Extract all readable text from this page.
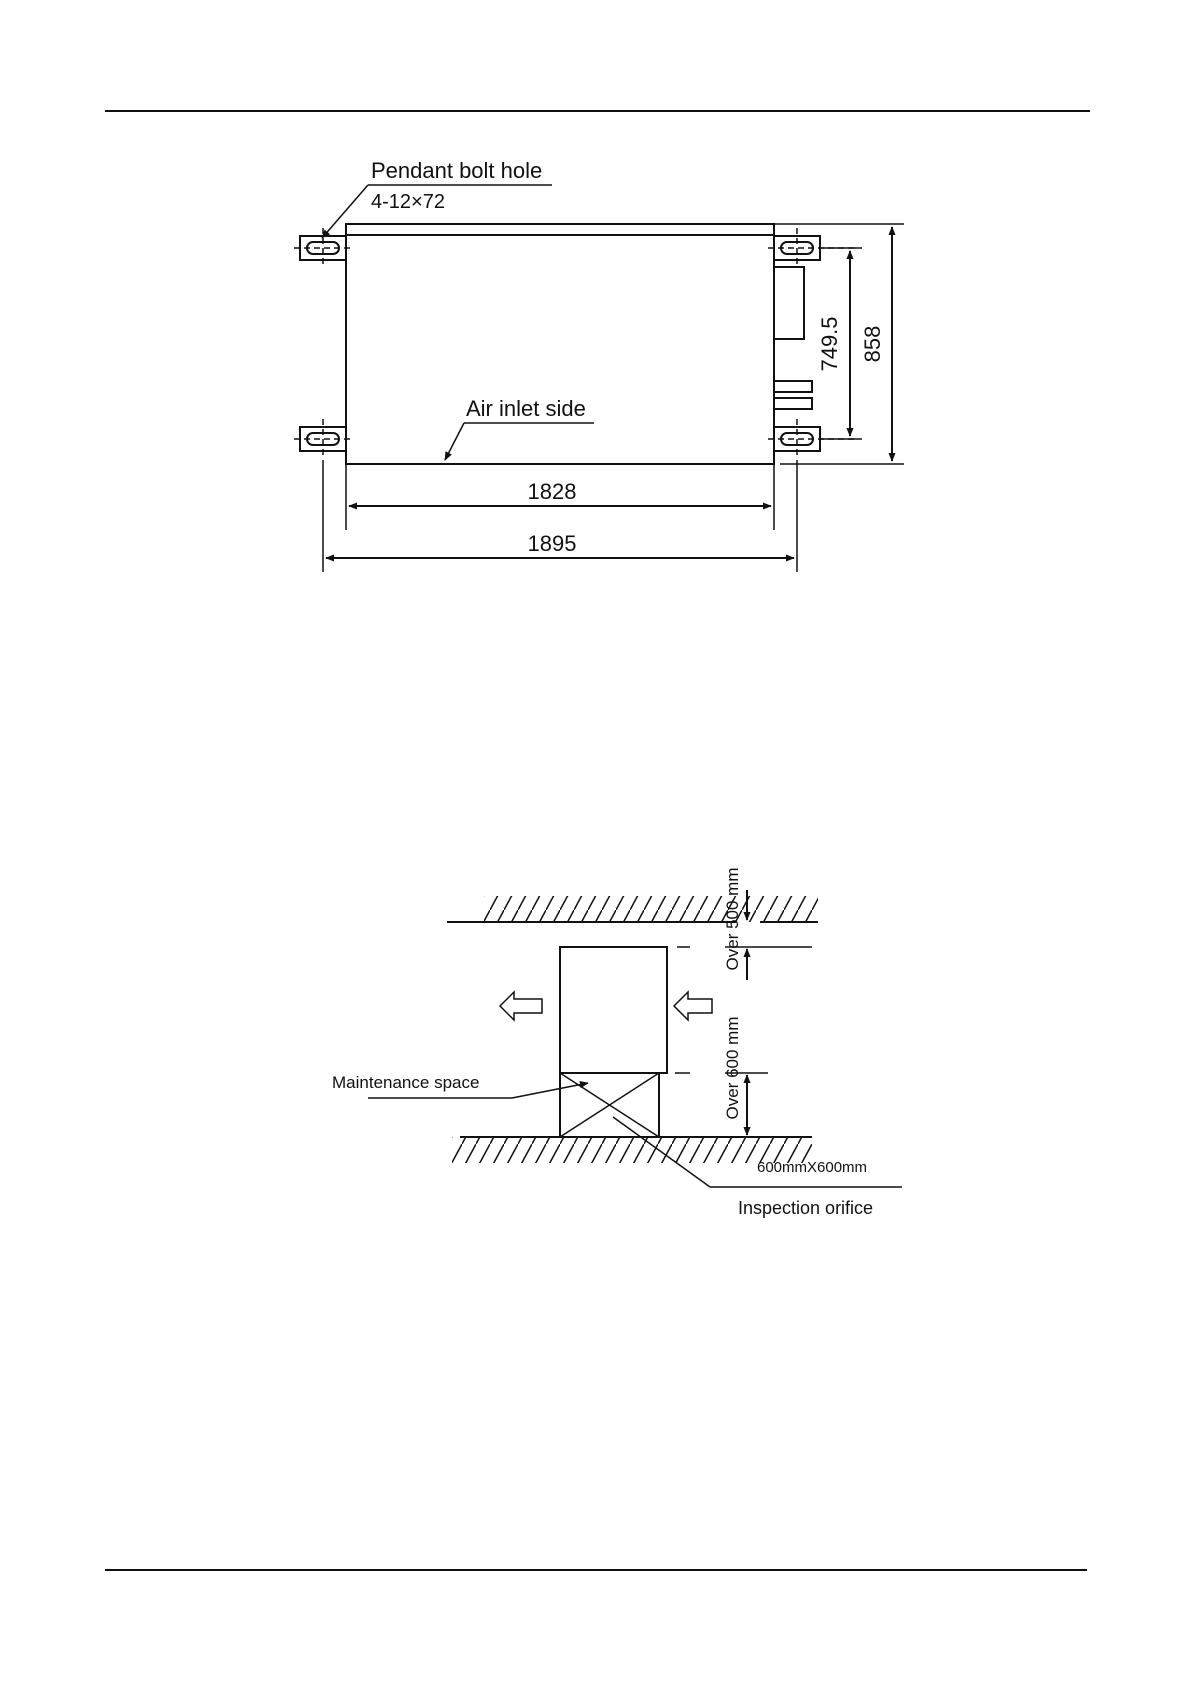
1828
1895
749.5 858
Pendant bolt hole
4-12×72
Air inlet side
Over 500 mm
Over 600 mm
Maintenance space
600mmX600mm
Inspection orifice
